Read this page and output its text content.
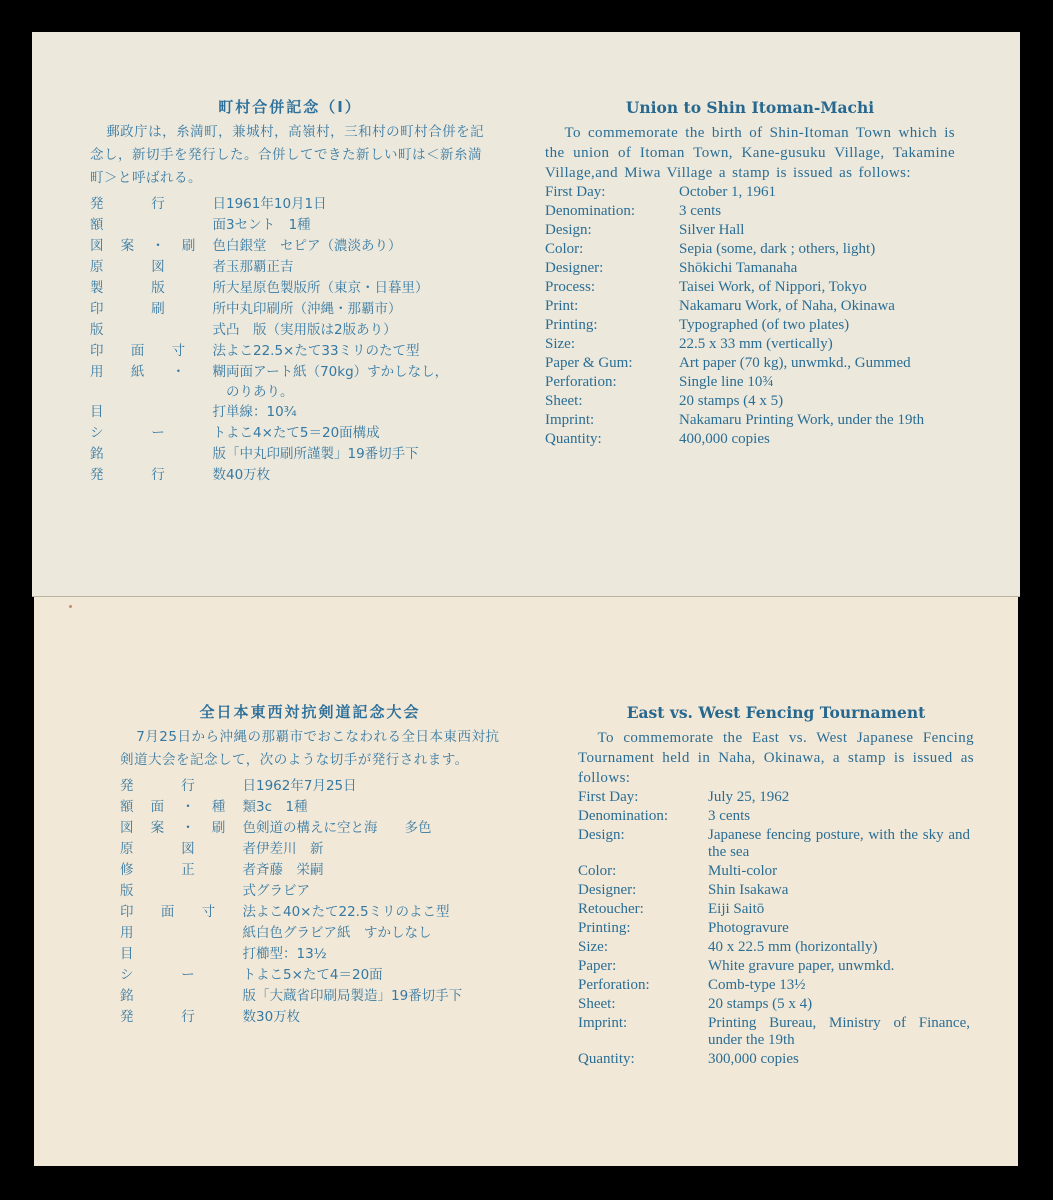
町村合併記念（I）
郵政庁は，糸満町，兼城村，高嶺村，三和村の町村合併を記念し，新切手を発行した。合併してできた新しい町は＜新糸満町＞と呼ばれる。
発行日	1961年10月1日
額面	3セント　1種
図案・刷色	白銀堂　セピア（濃淡あり）
原図者	玉那覇正吉
製版所	大星原色製版所（東京・日暮里）
印刷所	中丸印刷所（沖縄・那覇市）
版式	凸　版（実用版は2版あり）
印面寸法	よこ22.5×たて33ミリのたて型
用紙・糊	両面アート紙（70kg）すかしなし，のりあり。
目打	単線：10¾
シート	よこ4×たて5＝20面構成
銘版	「中丸印刷所謹製」19番切手下
発行数	40万枚
Union to Shin Itoman-Machi
To commemorate the birth of Shin-Itoman Town which is the union of Itoman Town, Kane-gusuku Village, Takamine Village,and Miwa Village a stamp is issued as follows:
First Day:	October 1, 1961
Denomination:	3 cents
Design:	Silver Hall
Color:	Sepia (some, dark ; others, light)
Designer:	Shōkichi Tamanaha
Process:	Taisei Work, of Nippori, Tokyo
Print:	Nakamaru Work, of Naha, Okinawa
Printing:	Typographed (of two plates)
Size:	22.5 x 33 mm (vertically)
Paper & Gum:	Art paper (70 kg), unwmkd., Gummed
Perforation:	Single line 10¾
Sheet:	20 stamps (4 x 5)
Imprint:	Nakamaru Printing Work, under the 19th
Quantity:	400,000 copies
全日本東西対抗剣道記念大会
7月25日から沖縄の那覇市でおこなわれる全日本東西対抗剣道大会を記念して，次のような切手が発行されます。
発行日	1962年7月25日
額面・種類	3c　1種
図案・刷色	剣道の構えに空と海　　多色
原図者	伊差川　新
修正者	斉藤　栄嗣
版式	グラビア
印面寸法	よこ40×たて22.5ミリのよこ型
用紙	白色グラビア紙　すかしなし
目打	櫛型：13½
シート	よこ5×たて4＝20面
銘版	「大蔵省印刷局製造」19番切手下
発行数	30万枚
East vs. West Fencing Tournament
To commemorate the East vs. West Japanese Fencing Tournament held in Naha, Okinawa, a stamp is issued as follows:
First Day:	July 25, 1962
Denomination:	3 cents
Design:	Japanese fencing posture, with the sky and the sea
Color:	Multi-color
Designer:	Shin Isakawa
Retoucher:	Eiji Saitō
Printing:	Photogravure
Size:	40 x 22.5 mm (horizontally)
Paper:	White gravure paper, unwmkd.
Perforation:	Comb-type 13½
Sheet:	20 stamps (5 x 4)
Imprint:	Printing Bureau, Ministry of Finance, under the 19th
Quantity:	300,000 copies
